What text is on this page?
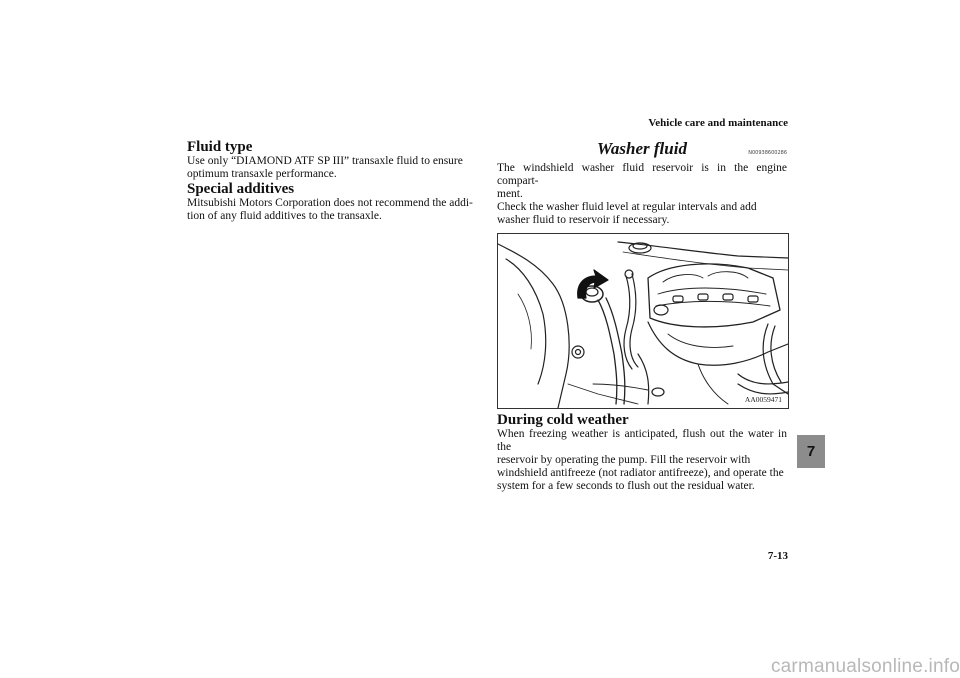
Vehicle care and maintenance
Fluid type

Use only “DIAMOND ATF SP III” transaxle fluid to ensure

optimum transaxle performance.

Special additives

Mitsubishi Motors Corporation does not recommend the addi-

tion of any fluid additives to the transaxle.

Washer fluid	N00938600286

The windshield washer fluid reservoir is in the engine compart-

ment.

Check the washer fluid level at regular intervals and add

washer fluid to reservoir if necessary.

AA0059471
During cold weather

When freezing weather is anticipated, flush out the water in the

reservoir by operating the pump. Fill the reservoir with

windshield antifreeze (not radiator antifreeze), and operate the

system for a few seconds to flush out the residual water.

7
7-13
carmanualsonline.info
